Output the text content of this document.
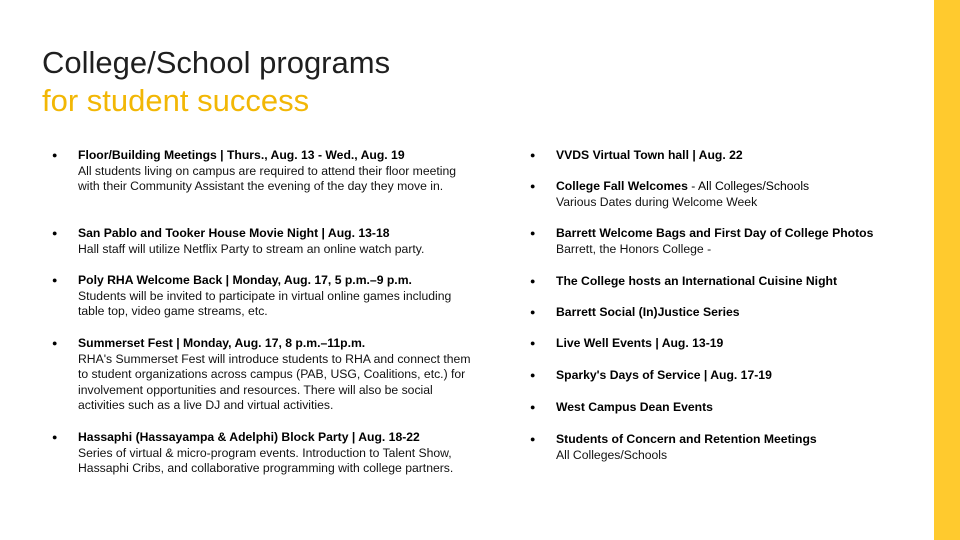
College/School programs
for student success
● Floor/Building Meetings | Thurs., Aug. 13 - Wed., Aug. 19
All students living on campus are required to attend their floor meeting with their Community Assistant the evening of the day they move in.
● San Pablo and Tooker House Movie Night | Aug. 13-18
Hall staff will utilize Netflix Party to stream an online watch party.
● Poly RHA Welcome Back | Monday, Aug. 17, 5 p.m.–9 p.m.
Students will be invited to participate in virtual online games including table top, video game streams, etc.
● Summerset Fest | Monday, Aug. 17, 8 p.m.–11p.m.
RHA's Summerset Fest will introduce students to RHA and connect them to student organizations across campus (PAB, USG, Coalitions, etc.) for involvement opportunities and resources. There will also be social activities such as a live DJ and virtual activities.
● Hassaphi (Hassayampa & Adelphi) Block Party | Aug. 18-22
Series of virtual & micro-program events. Introduction to Talent Show, Hassaphi Cribs, and collaborative programming with college partners.
● VVDS Virtual Town hall | Aug. 22
● College Fall Welcomes - All Colleges/Schools
Various Dates during Welcome Week
● Barrett Welcome Bags and First Day of College Photos
Barrett, the Honors College -
● The College hosts an International Cuisine Night
● Barrett Social (In)Justice Series
● Live Well Events | Aug. 13-19
● Sparky's Days of Service | Aug. 17-19
● West Campus Dean Events
● Students of Concern and Retention Meetings
All Colleges/Schools
